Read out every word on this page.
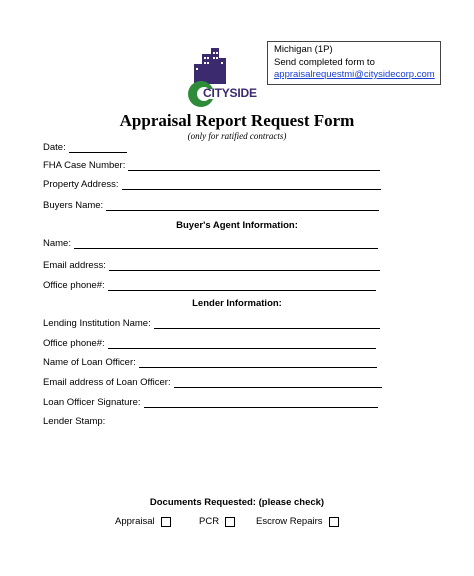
Michigan (1P)
Send completed form to
appraisalrequestmi@citysidecorp.com
CITYSIDE
Appraisal Report Request Form
(only for ratified contracts)
Date:
FHA Case Number:
Property Address:
Buyers Name:
Buyer's Agent Information:
Name:
Email address:
Office phone#:
Lender Information:
Lending Institution Name:
Office phone#:
Name of Loan Officer:
Email address of Loan Officer:
Loan Officer Signature:
Lender Stamp:
Documents Requested: (please check)
Appraisal	PCR	Escrow Repairs
